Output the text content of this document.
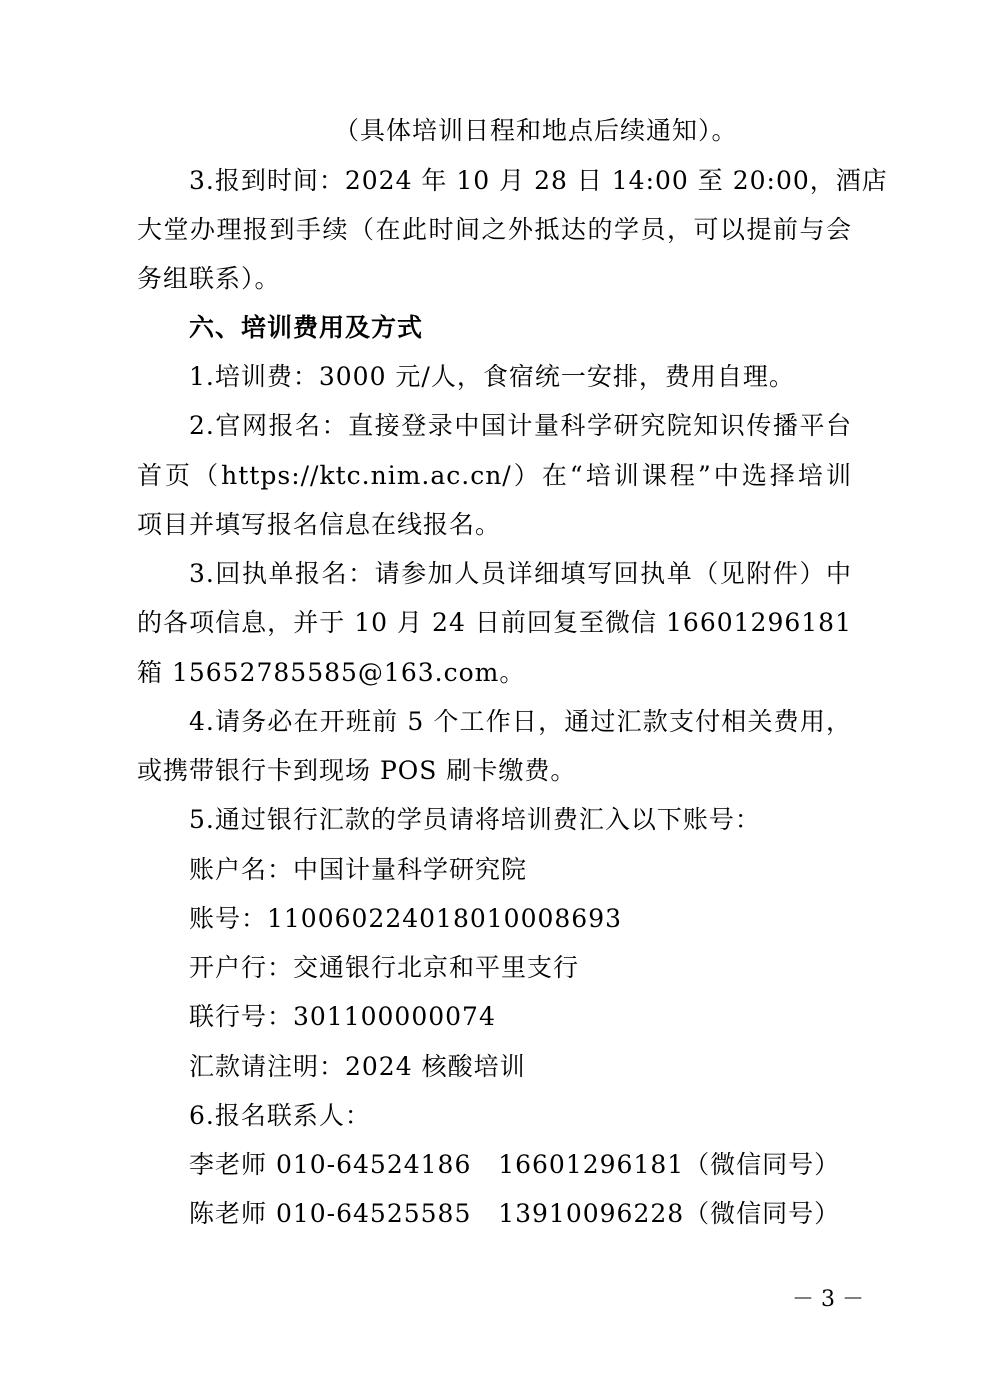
（具体培训日程和地点后续通知）。
3.报到时间：2024 年 10 月 28 日 14:00 至 20:00，酒店
大堂办理报到手续（在此时间之外抵达的学员，可以提前与会
务组联系）。
六、培训费用及方式
1.培训费：3000 元/人，食宿统一安排，费用自理。
2.官网报名：直接登录中国计量科学研究院知识传播平台
首页（https://ktc.nim.ac.cn/）在“培训课程”中选择培训
项目并填写报名信息在线报名。
3.回执单报名：请参加人员详细填写回执单（见附件）中
的各项信息，并于 10 月 24 日前回复至微信 16601296181
箱 15652785585@163.com。
4.请务必在开班前 5 个工作日，通过汇款支付相关费用，
或携带银行卡到现场 POS 刷卡缴费。
5.通过银行汇款的学员请将培训费汇入以下账号：
账户名：中国计量科学研究院
账号：110060224018010008693
开户行：交通银行北京和平里支行
联行号：301100000074
汇款请注明：2024 核酸培训
6.报名联系人：
李老师 010-64524186   16601296181（微信同号）
陈老师 010-64525585   13910096228（微信同号）
－ 3 －
